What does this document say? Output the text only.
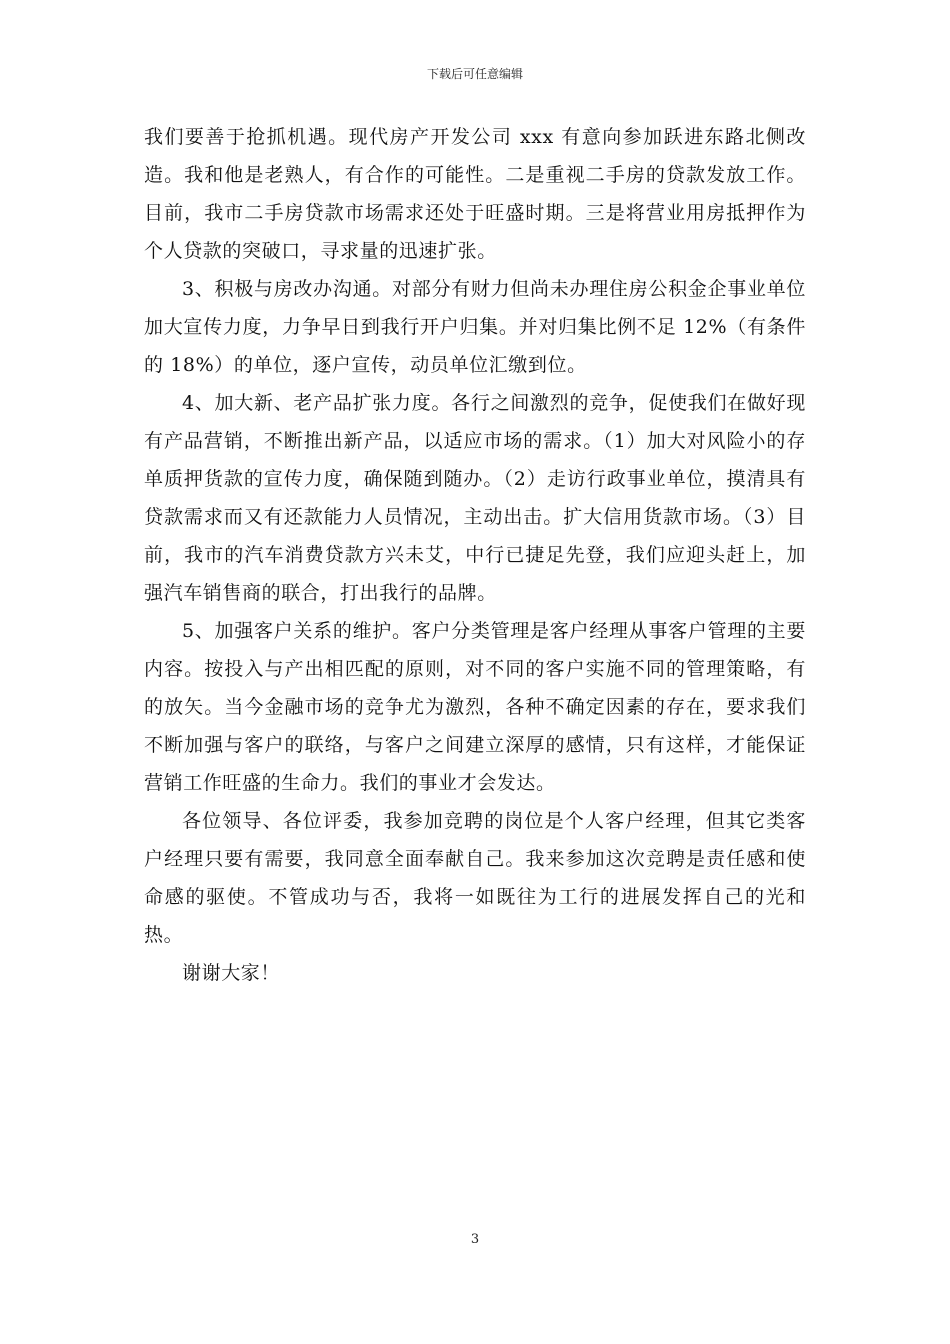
下载后可任意编辑

我们要善于抢抓机遇。现代房产开发公司 xxx 有意向参加跃进东路北侧改造。我和他是老熟人，有合作的可能性。二是重视二手房的贷款发放工作。目前，我市二手房贷款市场需求还处于旺盛时期。三是将营业用房抵押作为个人贷款的突破口，寻求量的迅速扩张。

3、积极与房改办沟通。对部分有财力但尚未办理住房公积金企事业单位加大宣传力度，力争早日到我行开户归集。并对归集比例不足 12%（有条件的 18%）的单位，逐户宣传，动员单位汇缴到位。

4、加大新、老产品扩张力度。各行之间激烈的竞争，促使我们在做好现有产品营销，不断推出新产品，以适应市场的需求。（1）加大对风险小的存单质押货款的宣传力度，确保随到随办。（2）走访行政事业单位，摸清具有贷款需求而又有还款能力人员情况，主动出击。扩大信用货款市场。（3）目前，我市的汽车消费贷款方兴未艾，中行已捷足先登，我们应迎头赶上，加强汽车销售商的联合，打出我行的品牌。

5、加强客户关系的维护。客户分类管理是客户经理从事客户管理的主要内容。按投入与产出相匹配的原则，对不同的客户实施不同的管理策略，有的放矢。当今金融市场的竞争尤为激烈，各种不确定因素的存在，要求我们不断加强与客户的联络，与客户之间建立深厚的感情，只有这样，才能保证营销工作旺盛的生命力。我们的事业才会发达。

各位领导、各位评委，我参加竞聘的岗位是个人客户经理，但其它类客户经理只要有需要，我同意全面奉献自己。我来参加这次竞聘是责任感和使命感的驱使。不管成功与否，我将一如既往为工行的进展发挥自己的光和热。

谢谢大家！

3
